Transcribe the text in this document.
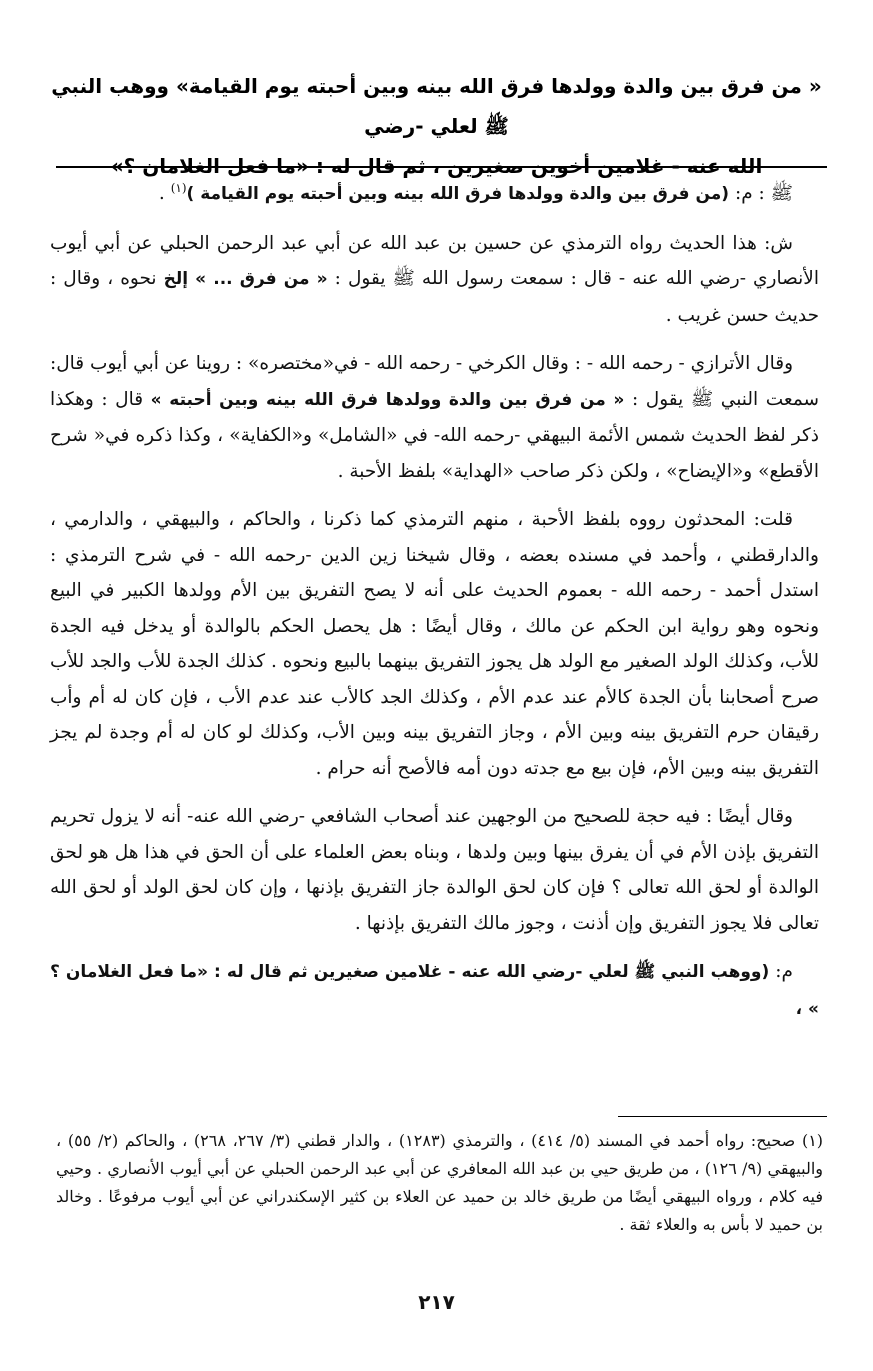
« من فرق بين والدة وولدها فرق الله بينه وبين أحبته يوم القيامة» ووهب النبي ﷺ لعلي -رضي
الله عنه - غلامين أخوين صغيرين ، ثم قال له : «ما فعل الغلامان ؟»

ﷺ : م: (من فرق بين والدة وولدها فرق الله بينه وبين أحبته يوم القيامة )$^{(١)}$ .

ش: هذا الحديث رواه الترمذي عن حسين بن عبد الله عن أبي عبد الرحمن الحبلي عن أبي أيوب الأنصاري -رضي الله عنه - قال : سمعت رسول الله ﷺ يقول : « من فرق ... » إلخ نحوه ، وقال : حديث حسن غريب .

وقال الأترازي - رحمه الله - : وقال الكرخي - رحمه الله - في«مختصره» : روينا عن أبي أيوب قال: سمعت النبي ﷺ يقول : « من فرق بين والدة وولدها فرق الله بينه وبين أحبته » قال : وهكذا ذكر لفظ الحديث شمس الأئمة البيهقي -رحمه الله- في «الشامل» و«الكفاية» ، وكذا ذكره في« شرح الأقطع» و«الإيضاح» ، ولكن ذكر صاحب «الهداية» بلفظ الأحبة .

قلت: المحدثون رووه بلفظ الأحبة ، منهم الترمذي كما ذكرنا ، والحاكم ، والبيهقي ، والدارمي ، والدارقطني ، وأحمد في مسنده بعضه ، وقال شيخنا زين الدين -رحمه الله - في شرح الترمذي : استدل أحمد - رحمه الله - بعموم الحديث على أنه لا يصح التفريق بين الأم وولدها الكبير في البيع ونحوه وهو رواية ابن الحكم عن مالك ، وقال أيضًا : هل يحصل الحكم بالوالدة أو يدخل فيه الجدة للأب، وكذلك الولد الصغير مع الولد هل يجوز التفريق بينهما بالبيع ونحوه . كذلك الجدة للأب والجد للأب صرح أصحابنا بأن الجدة كالأم عند عدم الأم ، وكذلك الجد كالأب عند عدم الأب ، فإن كان له أم وأب رقيقان حرم التفريق بينه وبين الأم ، وجاز التفريق بينه وبين الأب، وكذلك لو كان له أم وجدة لم يجز التفريق بينه وبين الأم، فإن بيع مع جدته دون أمه فالأصح أنه حرام .

وقال أيضًا : فيه حجة للصحيح من الوجهين عند أصحاب الشافعي -رضي الله عنه- أنه لا يزول تحريم التفريق بإذن الأم في أن يفرق بينها وبين ولدها ، وبناه بعض العلماء على أن الحق في هذا هل هو لحق الوالدة أو لحق الله تعالى ؟ فإن كان لحق الوالدة جاز التفريق بإذنها ، وإن كان لحق الولد أو لحق الله تعالى فلا يجوز التفريق وإن أذنت ، وجوز مالك التفريق بإذنها .

م: (ووهب النبي ﷺ لعلي -رضي الله عنه - غلامين صغيرين ثم قال له : «ما فعل الغلامان ؟ » ،

(١) صحيح: رواه أحمد في المسند (٥/ ٤١٤) ، والترمذي (١٢٨٣) ، والدار قطني (٣/ ٢٦٧، ٢٦٨) ، والحاكم (٢/ ٥٥) ، والبيهقي (٩/ ١٢٦) ، من طريق حيي بن عبد الله المعافري عن أبي عبد الرحمن الحبلي عن أبي أيوب الأنصاري . وحيي فيه كلام ، ورواه البيهقي أيضًا من طريق خالد بن حميد عن العلاء بن كثير الإسكندراني عن أبي أيوب مرفوعًا . وخالد بن حميد لا بأس به والعلاء ثقة .

٢١٧
